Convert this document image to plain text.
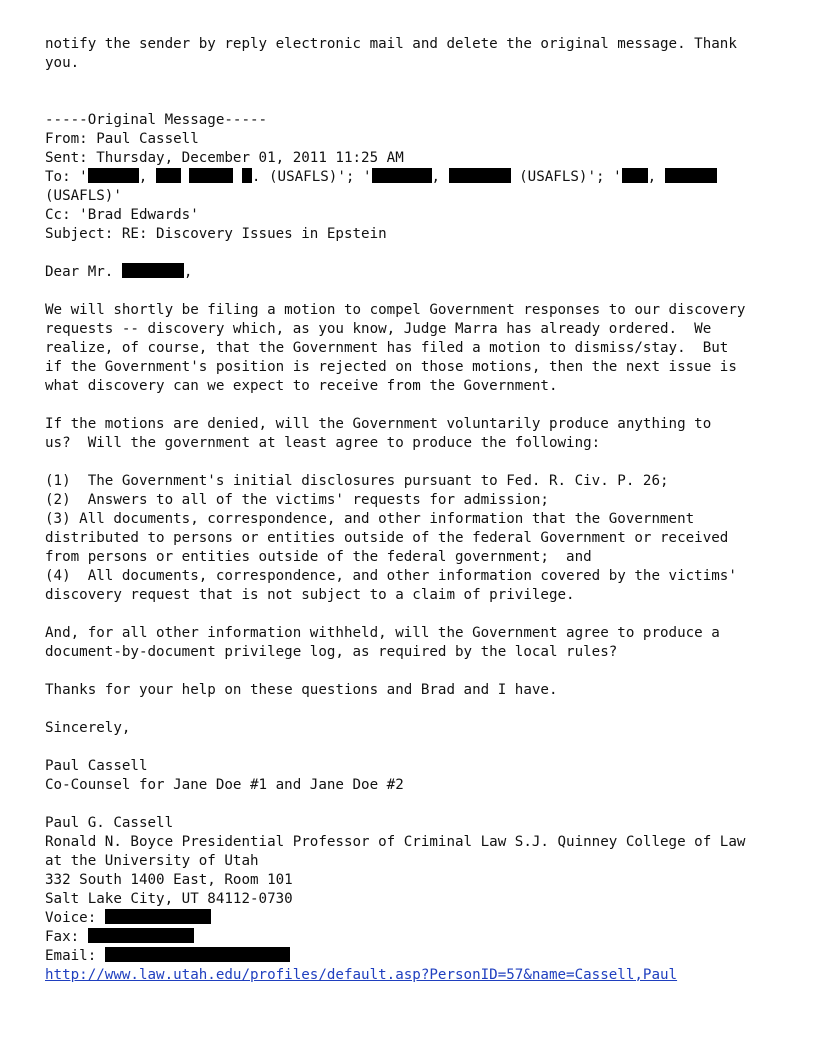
notify the sender by reply electronic mail and delete the original message. Thank
you.
-----Original Message-----
From: Paul Cassell
Sent: Thursday, December 01, 2011 11:25 AM
To: '	,	. (USAFLS)'; '	,	(USAFLS)'; ' ,
(USAFLS)'
Cc: 'Brad Edwards'
Subject: RE: Discovery Issues in Epstein
Dear Mr.	,
We will shortly be filing a motion to compel Government responses to our discovery
requests -- discovery which, as you know, Judge Marra has already ordered.  We
realize, of course, that the Government has filed a motion to dismiss/stay.  But
if the Government's position is rejected on those motions, then the next issue is
what discovery can we expect to receive from the Government.
If the motions are denied, will the Government voluntarily produce anything to
us?  Will the government at least agree to produce the following:
(1)  The Government's initial disclosures pursuant to Fed. R. Civ. P. 26;
(2)  Answers to all of the victims' requests for admission;
(3) All documents, correspondence, and other information that the Government
distributed to persons or entities outside of the federal Government or received
from persons or entities outside of the federal government;  and
(4)  All documents, correspondence, and other information covered by the victims'
discovery request that is not subject to a claim of privilege.
And, for all other information withheld, will the Government agree to produce a
document-by-document privilege log, as required by the local rules?
Thanks for your help on these questions and Brad and I have.
Sincerely,
Paul Cassell
Co-Counsel for Jane Doe #1 and Jane Doe #2
Paul G. Cassell
Ronald N. Boyce Presidential Professor of Criminal Law S.J. Quinney College of Law
at the University of Utah
332 South 1400 East, Room 101
Salt Lake City, UT 84112-0730
Voice:
Fax:
Email:
http://www.law.utah.edu/profiles/default.asp?PersonID=57&name=Cassell,Paul
